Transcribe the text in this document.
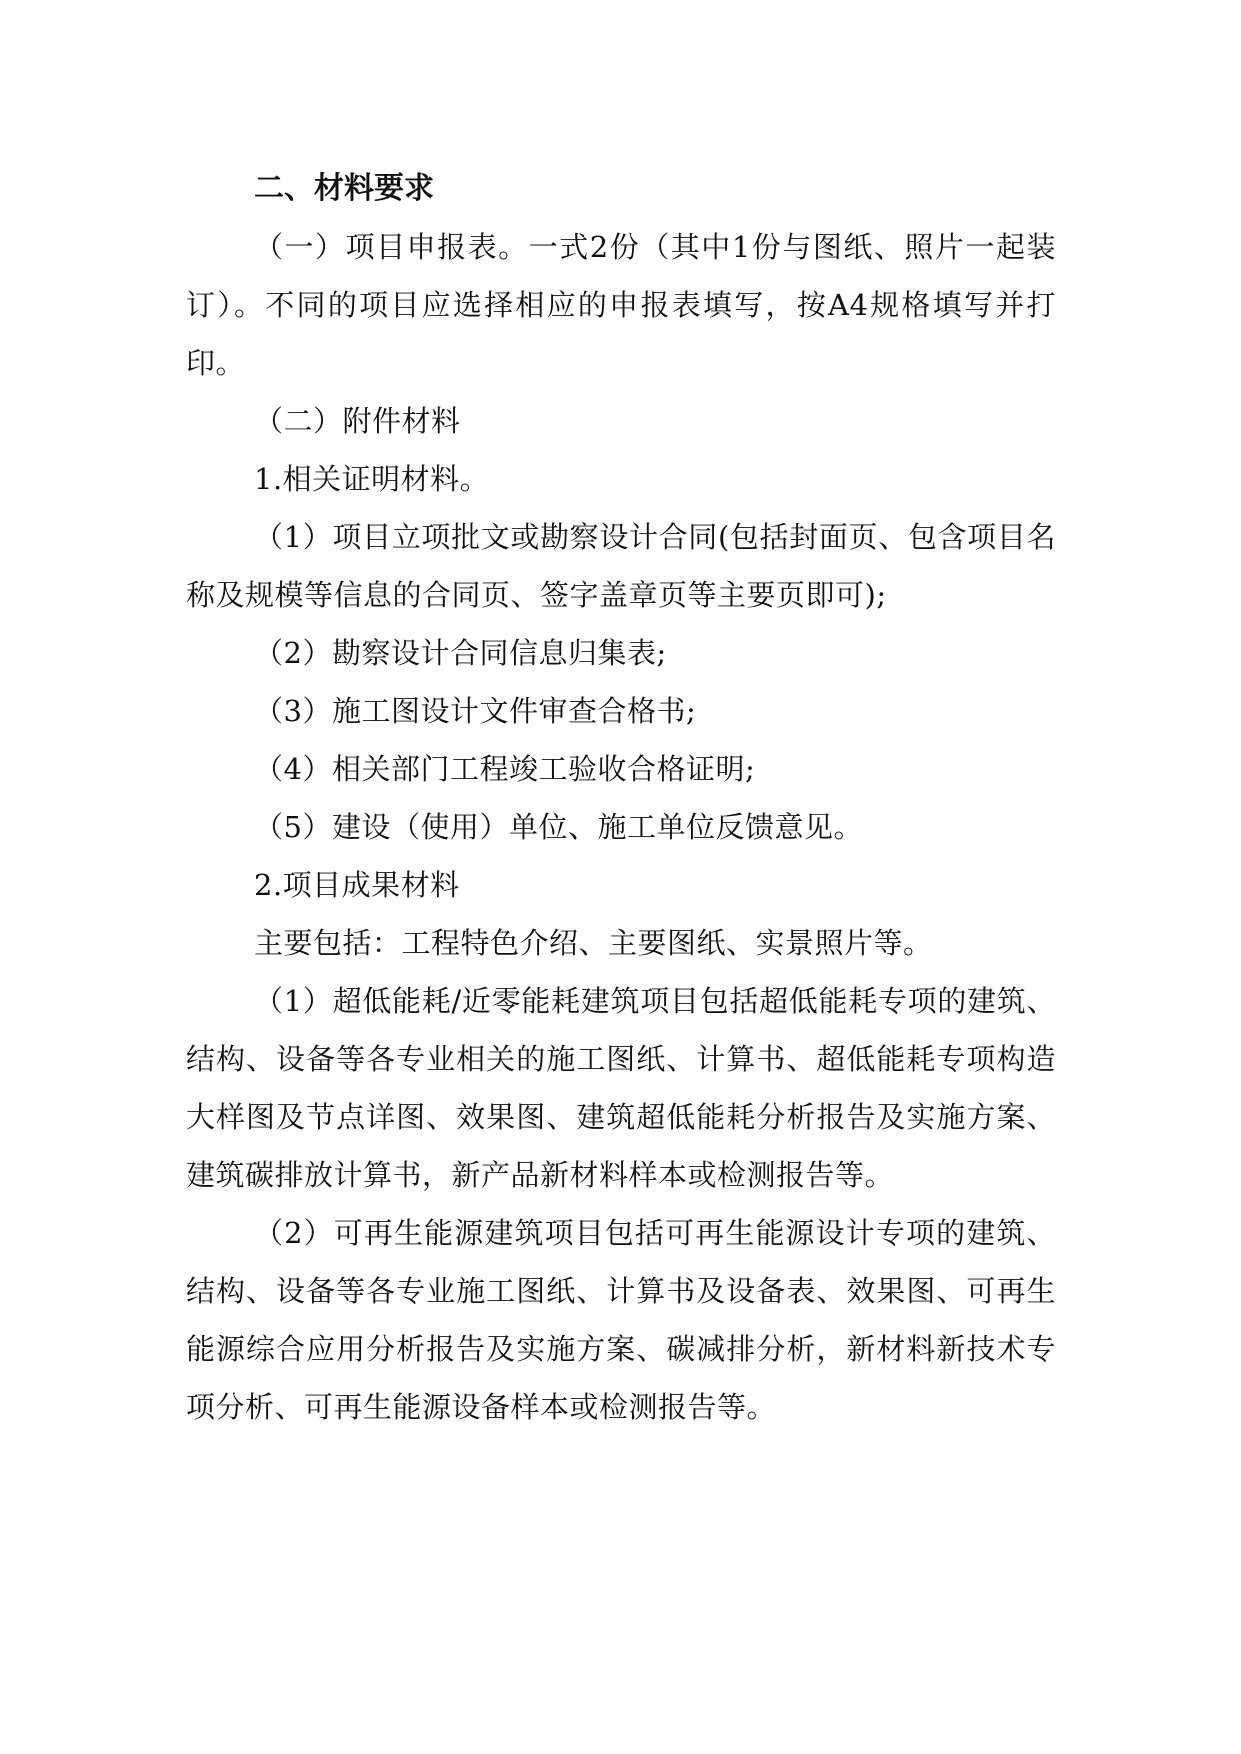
二、材料要求

（一）项目申报表。一式2份（其中1份与图纸、照片一起装订）。不同的项目应选择相应的申报表填写，按A4规格填写并打印。

（二）附件材料

1.相关证明材料。

（1）项目立项批文或勘察设计合同(包括封面页、包含项目名称及规模等信息的合同页、签字盖章页等主要页即可);

（2）勘察设计合同信息归集表;

（3）施工图设计文件审查合格书;

（4）相关部门工程竣工验收合格证明;

（5）建设（使用）单位、施工单位反馈意见。

2.项目成果材料

主要包括：工程特色介绍、主要图纸、实景照片等。

（1）超低能耗/近零能耗建筑项目包括超低能耗专项的建筑、结构、设备等各专业相关的施工图纸、计算书、超低能耗专项构造大样图及节点详图、效果图、建筑超低能耗分析报告及实施方案、建筑碳排放计算书，新产品新材料样本或检测报告等。

（2）可再生能源建筑项目包括可再生能源设计专项的建筑、结构、设备等各专业施工图纸、计算书及设备表、效果图、可再生能源综合应用分析报告及实施方案、碳减排分析，新材料新技术专项分析、可再生能源设备样本或检测报告等。
